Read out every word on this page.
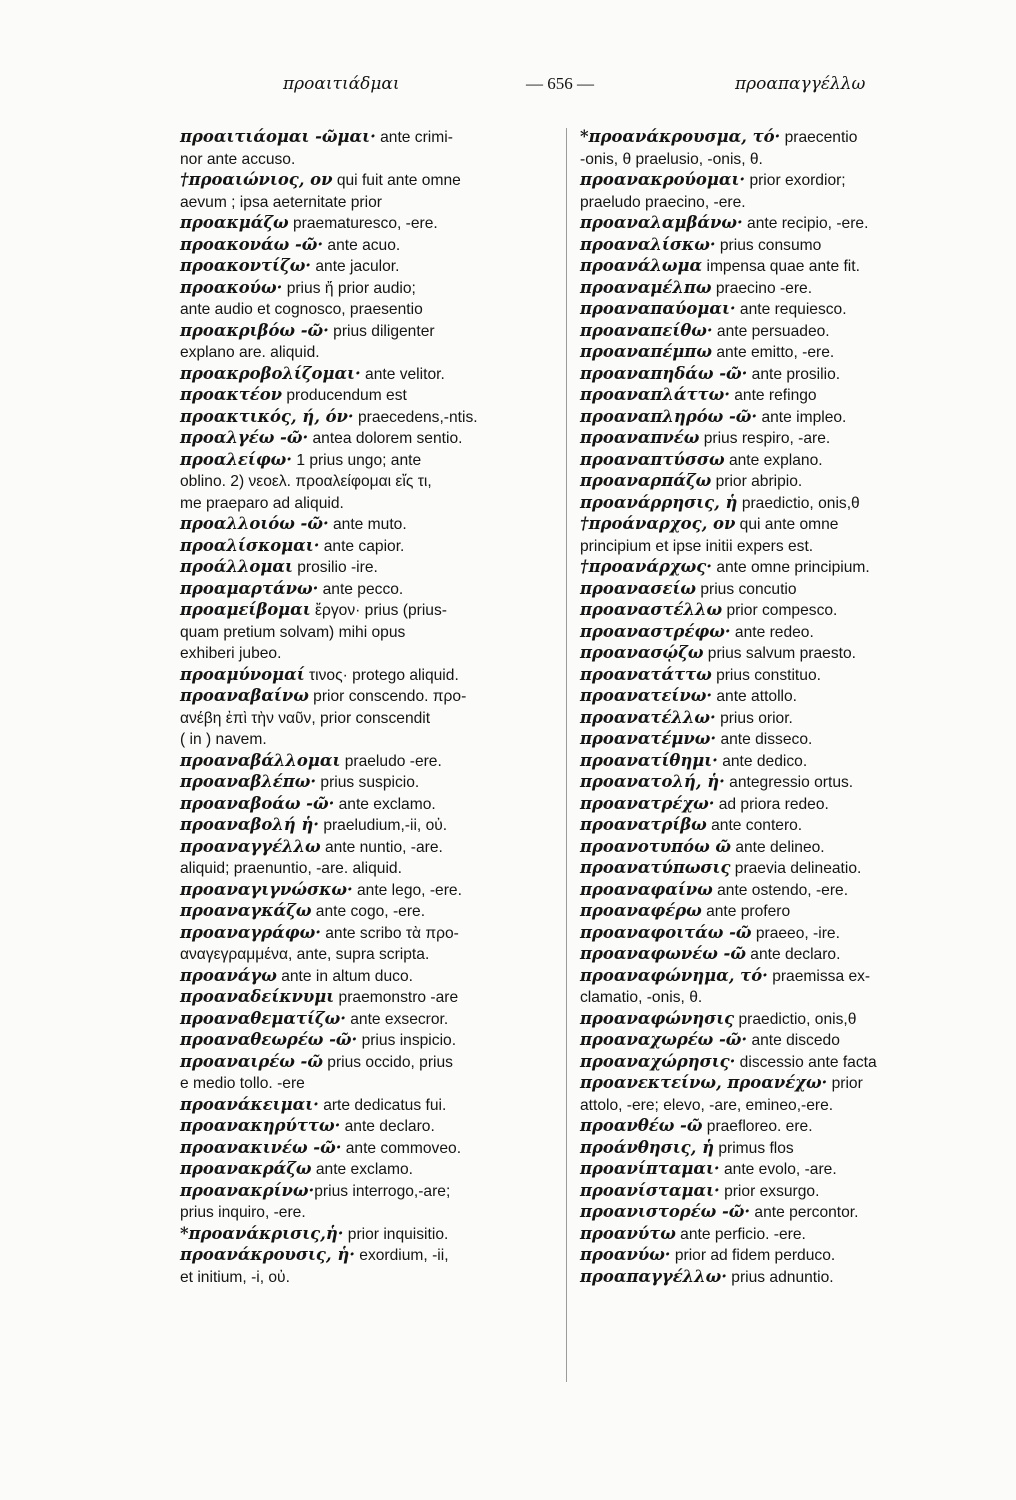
προαιτιάδμαι	— 656 —	προαπαγγέλλω
προαιτιάομαι -ῶμαι· ante crimi-
nor ante accuso.
†προαιώνιος, ον qui fuit ante omne
aevum ; ipsa aeternitate prior
προακμάζω praematuresco, -ere.
προακονάω -ῶ· ante acuo.
προακοντίζω· ante jaculor.
προακούω· prius ἤ prior audio;
ante audio et cognosco, praesentio
προακριβόω -ῶ· prius diligenter
explano are. aliquid.
προακροβολίζομαι· ante velitor.
προακτέον producendum est
προακτικός, ή, όν· praecedens,-ntis.
προαλγέω -ῶ· antea dolorem sentio.
προαλείφω· 1 prius ungo; ante
oblino. 2) νεοελ. προαλείφομαι εἴς τι,
me praeparo ad aliquid.
προαλλοιόω -ῶ· ante muto.
προαλίσκομαι· ante capior.
προάλλομαι prosilio -ire.
προαμαρτάνω· ante pecco.
προαμείβομαι ἔργον· prius (prius-
quam pretium solvam) mihi opus
exhiberi jubeo.
προαμύνομαί τινος· protego aliquid.
προαναβαίνω prior conscendo. προ-
ανέβη ἐπὶ τὴν ναῦν, prior conscendit
( in ) navem.
προαναβάλλομαι praeludo -ere.
προαναβλέπω· prius suspicio.
προαναβοάω -ῶ· ante exclamo.
προαναβολή ἡ· praeludium,-ii, οὐ.
προαναγγέλλω ante nuntio, -are.
aliquid; praenuntio, -are. aliquid.
προαναγιγνώσκω· ante lego, -ere.
προαναγκάζω ante cogo, -ere.
προαναγράφω· ante scribo τὰ προ-
αναγεγραμμένα, ante, supra scripta.
προανάγω ante in altum duco.
προαναδείκνυμι praemonstro -are
προαναθεματίζω· ante exsecror.
προαναθεωρέω -ῶ· prius inspicio.
προαναιρέω -ῶ prius occido, prius
e medio tollo. -ere
προανάκειμαι· arte dedicatus fui.
προανακηρύττω· ante declaro.
προανακινέω -ῶ· ante commoveo.
προανακράζω ante exclamo.
προανακρίνω·prius interrogo,-are;
prius inquiro, -ere.
*προανάκρισις,ἡ· prior inquisitio.
προανάκρουσις, ἡ· exordium, -ii,
et initium, -i, οὐ.
*προανάκρουσμα, τό· praecentio
-onis, θ praelusio, -onis, θ.
προανακρούομαι· prior exordior;
praeludo praecino, -ere.
προαναλαμβάνω· ante recipio, -ere.
προαναλίσκω· prius consumo
προανάλωμα impensa quae ante fit.
προαναμέλπω praecino -ere.
προαναπαύομαι· ante requiesco.
προαναπείθω· ante persuadeo.
προαναπέμπω ante emitto, -ere.
προαναπηδάω -ῶ· ante prosilio.
προαναπλάττω· ante refingo
προαναπληρόω -ῶ· ante impleo.
προαναπνέω prius respiro, -are.
προαναπτύσσω ante explano.
προαναρπάζω prior abripio.
προανάρρησις, ἡ praedictio, onis,θ
†προάναρχος, ον qui ante omne
principium et ipse initii expers est.
†προανάρχως· ante omne principium.
προανασείω prius concutio
προαναστέλλω prior compesco.
προαναστρέφω· ante redeo.
προανασῴζω prius salvum praesto.
προανατάττω prius constituo.
προανατείνω· ante attollo.
προανατέλλω· prius orior.
προανατέμνω· ante disseco.
προανατίθημι· ante dedico.
προανατολή, ἡ· antegressio ortus.
προανατρέχω· ad priora redeo.
προανατρίβω ante contero.
προανοτυπόω ῶ ante delineo.
προανατύπωσις praevia delineatio.
προαναφαίνω ante ostendo, -ere.
προαναφέρω ante profero
προαναφοιτάω -ῶ praeeo, -ire.
προαναφωνέω -ῶ ante declaro.
προαναφώνημα, τό· praemissa ex-
clamatio, -onis, θ.
προαναφώνησις praedictio, onis,θ
προαναχωρέω -ῶ· ante discedo
προαναχώρησις· discessio ante facta
προανεκτείνω, προανέχω· prior
attolo, -ere; elevo, -are, emineo,-ere.
προανθέω -ῶ praefloreo. ere.
προάνθησις, ἡ primus flos
προανίπταμαι· ante evolo, -are.
προανίσταμαι· prior exsurgo.
προανιστορέω -ῶ· ante percontor.
προανύτω ante perficio. -ere.
προανύω· prior ad fidem perduco.
προαπαγγέλλω· prius adnuntio.
